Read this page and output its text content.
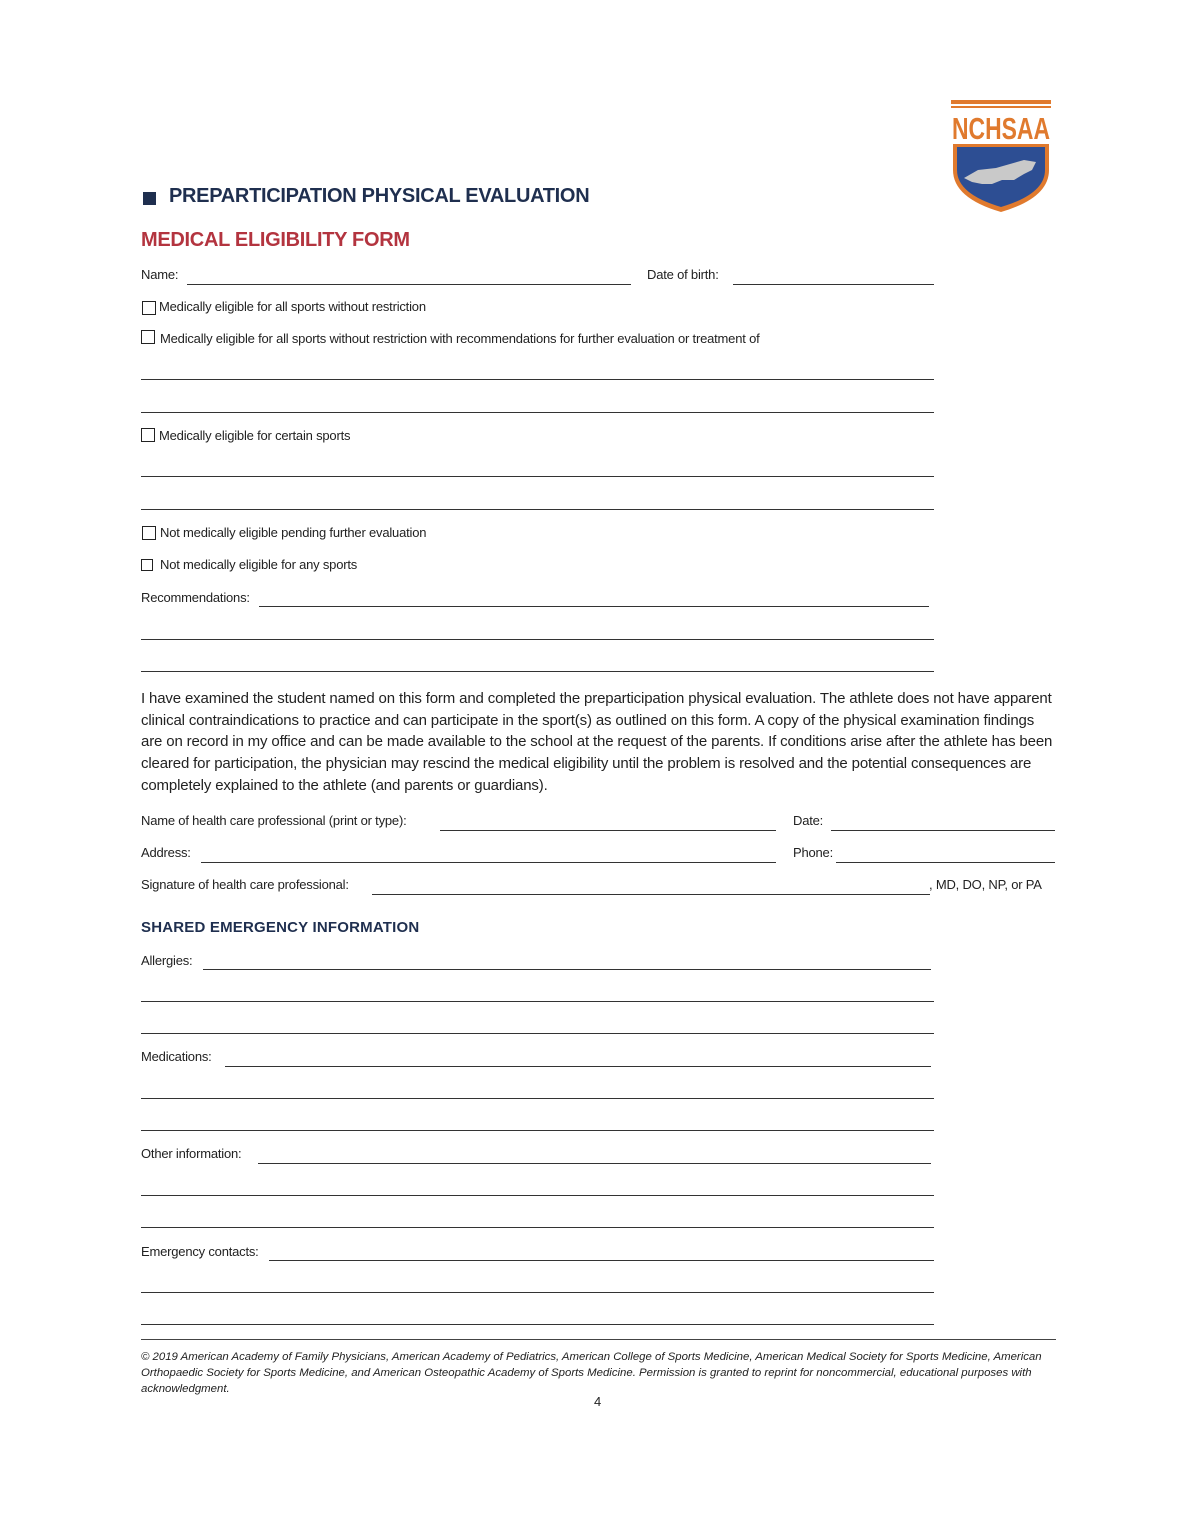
NCHSAA
PREPARTICIPATION PHYSICAL EVALUATION
MEDICAL ELIGIBILITY FORM
Name:	Date of birth:
Medically eligible for all sports without restriction
Medically eligible for all sports without restriction with recommendations for further evaluation or treatment of
Medically eligible for certain sports
Not medically eligible pending further evaluation
Not medically eligible for any sports
Recommendations:
I have examined the student named on this form and completed the preparticipation physical evaluation. The athlete does not have apparent clinical contraindications to practice and can participate in the sport(s) as outlined on this form. A copy of the physical examination findings are on record in my office and can be made available to the school at the request of the parents. If conditions arise after the athlete has been cleared for participation, the physician may rescind the medical eligibility until the problem is resolved and the potential consequences are completely explained to the athlete (and parents or guardians).
Name of health care professional (print or type):	Date:
Address:	Phone:
Signature of health care professional:	, MD, DO, NP, or PA
SHARED EMERGENCY INFORMATION
Allergies:
Medications:
Other information:
Emergency contacts:
© 2019 American Academy of Family Physicians, American Academy of Pediatrics, American College of Sports Medicine, American Medical Society for Sports Medicine, American Orthopaedic Society for Sports Medicine, and American Osteopathic Academy of Sports Medicine. Permission is granted to reprint for noncommercial, educational purposes with acknowledgment.
4
